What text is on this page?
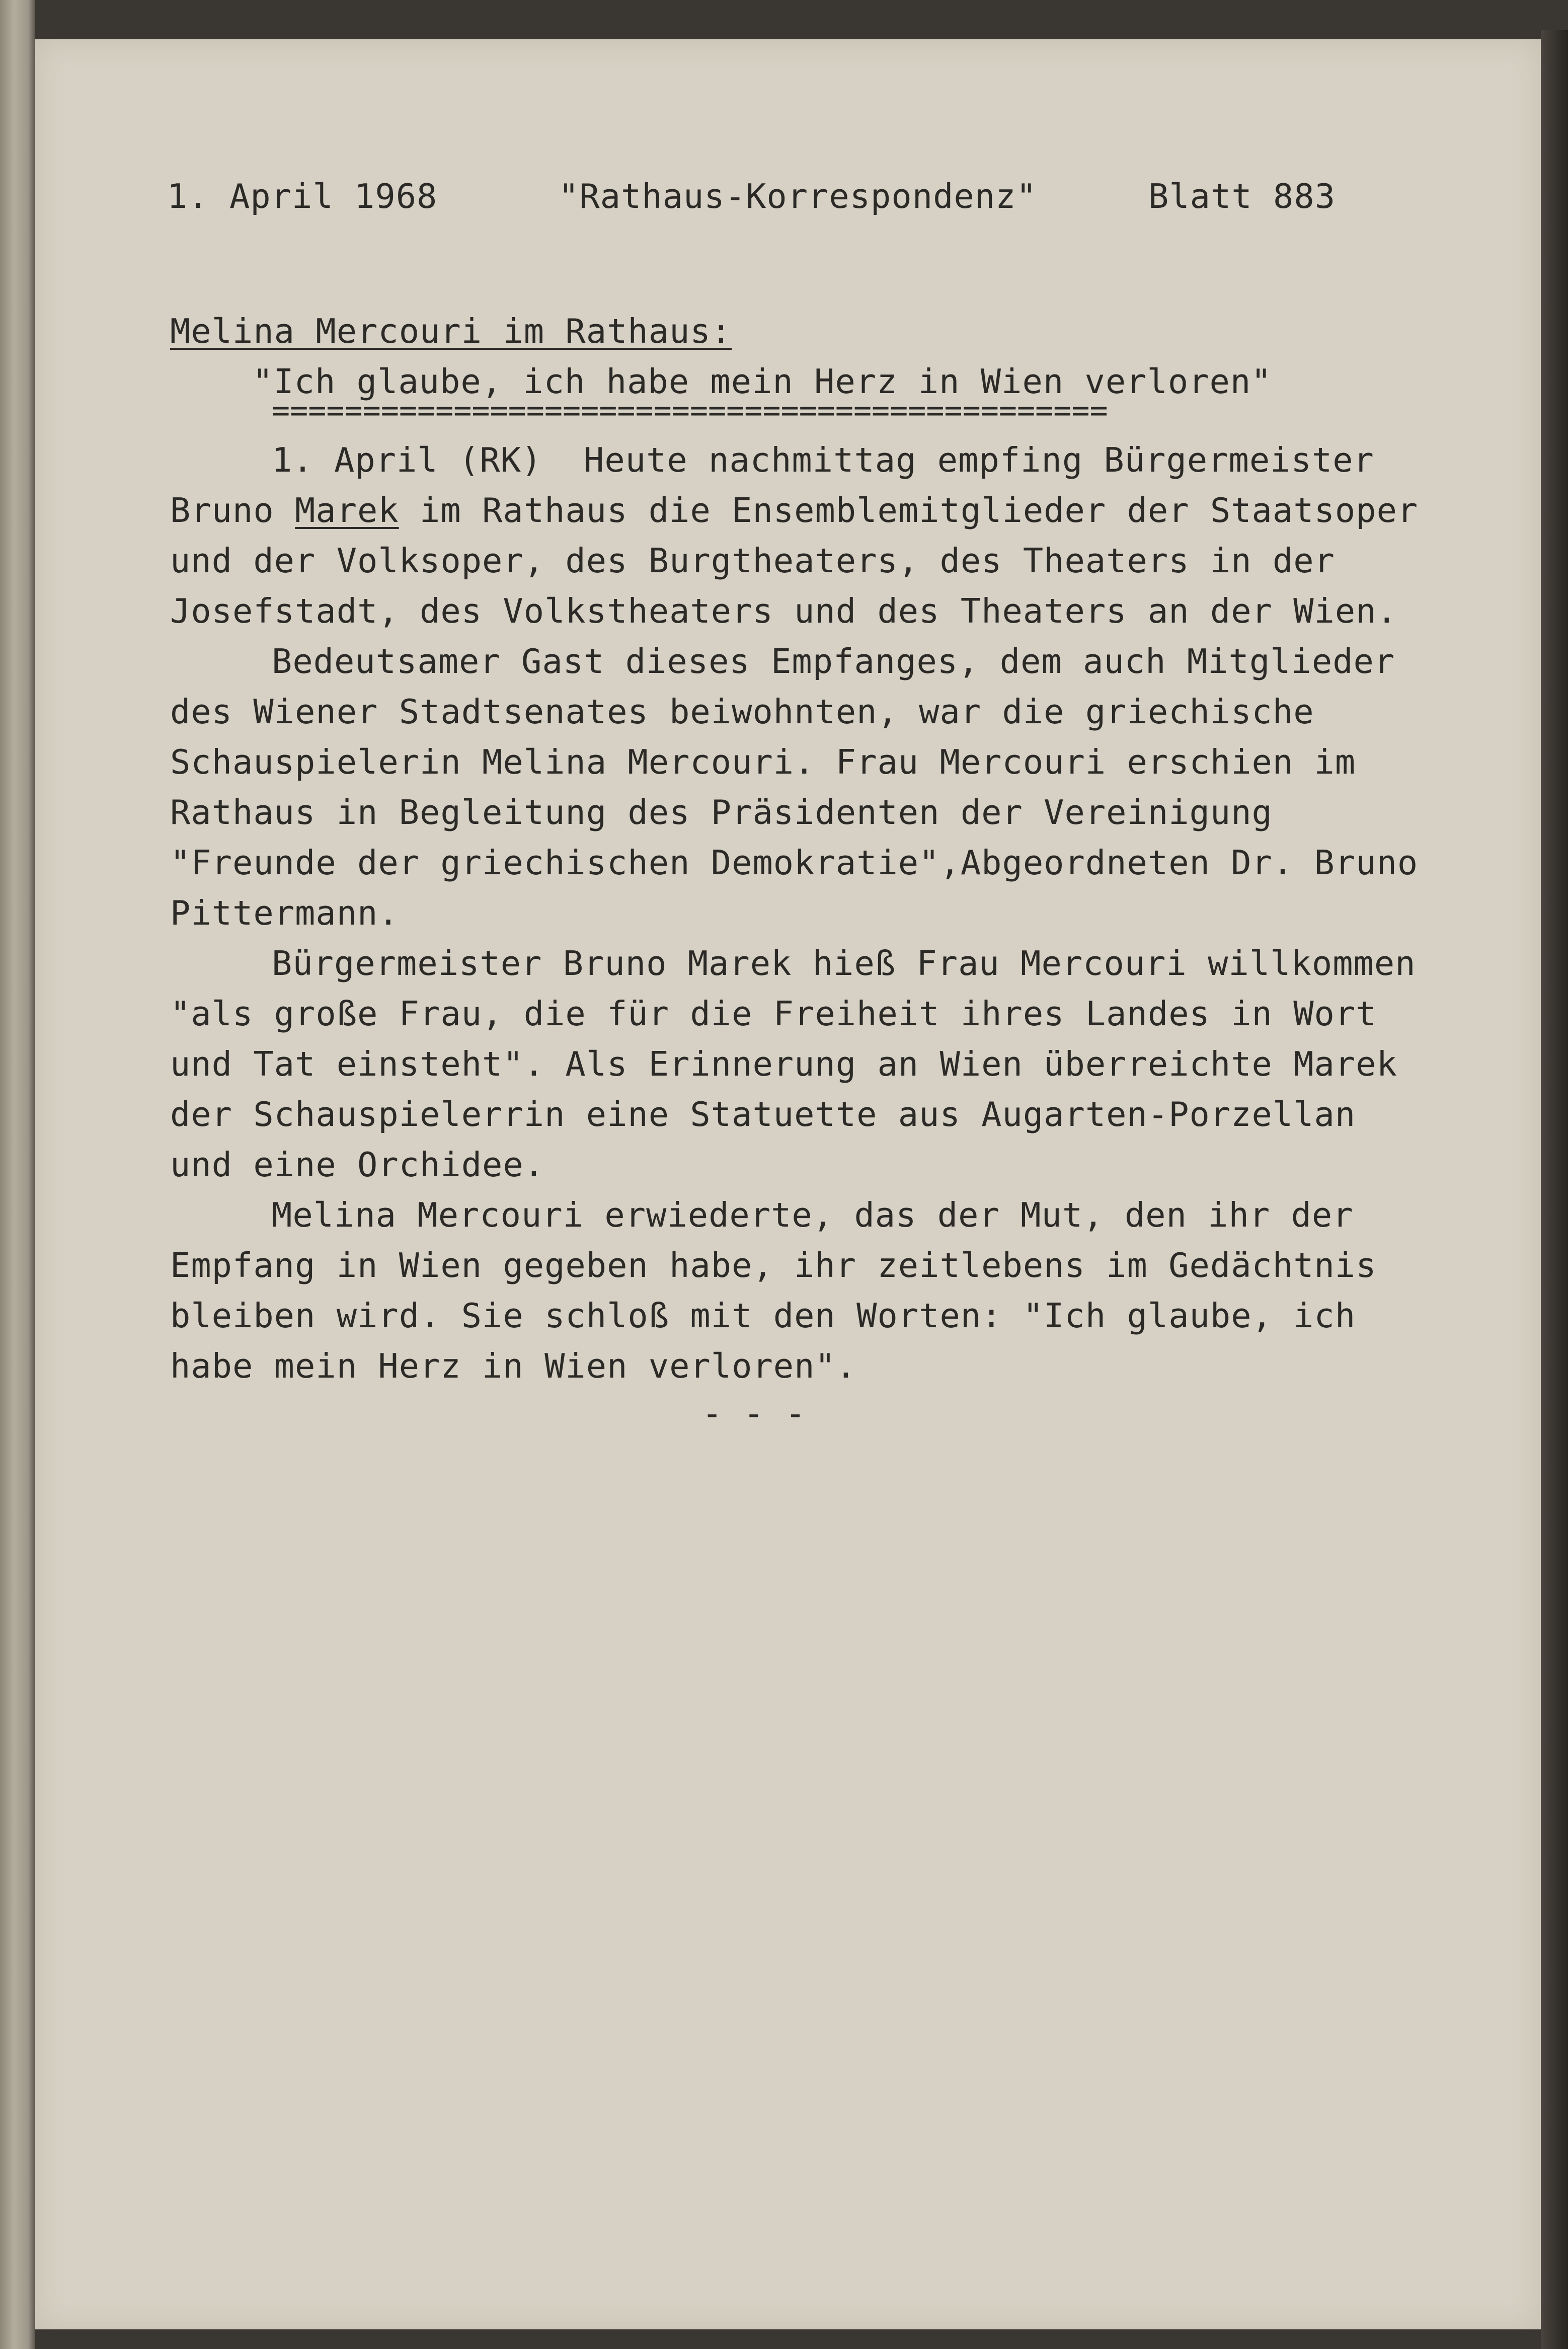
1. April 1968	"Rathaus-Korrespondenz"	Blatt 883
Melina Mercouri im Rathaus:
"Ich glaube, ich habe mein Herz in Wien verloren"
==============================================
1. April (RK)  Heute nachmittag empfing Bürgermeister
Bruno Marek im Rathaus die Ensemblemitglieder der Staatsoper
und der Volksoper, des Burgtheaters, des Theaters in der
Josefstadt, des Volkstheaters und des Theaters an der Wien.
Bedeutsamer Gast dieses Empfanges, dem auch Mitglieder
des Wiener Stadtsenates beiwohnten, war die griechische
Schauspielerin Melina Mercouri. Frau Mercouri erschien im
Rathaus in Begleitung des Präsidenten der Vereinigung
"Freunde der griechischen Demokratie",Abgeordneten Dr. Bruno
Pittermann.
Bürgermeister Bruno Marek hieß Frau Mercouri willkommen
"als große Frau, die für die Freiheit ihres Landes in Wort
und Tat einsteht". Als Erinnerung an Wien überreichte Marek
der Schauspielerrin eine Statuette aus Augarten-Porzellan
und eine Orchidee.
Melina Mercouri erwiederte, das der Mut, den ihr der
Empfang in Wien gegeben habe, ihr zeitlebens im Gedächtnis
bleiben wird. Sie schloß mit den Worten: "Ich glaube, ich
habe mein Herz in Wien verloren".
- - -
